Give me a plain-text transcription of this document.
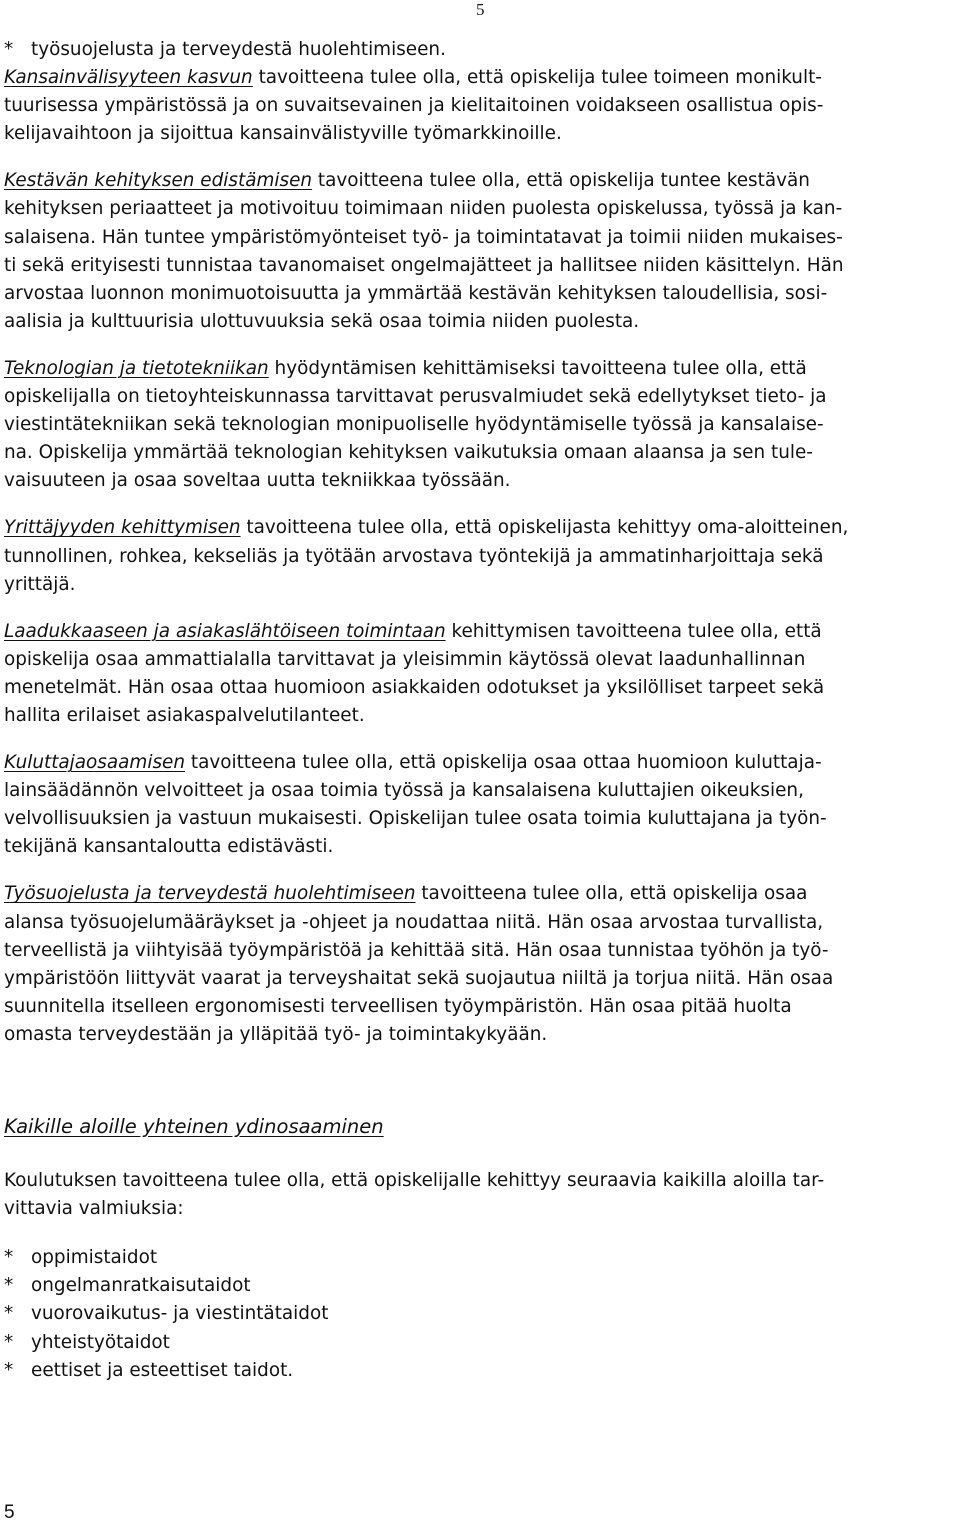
5
* työsuojelusta ja terveydestä huolehtimiseen.

Kansainvälisyyteen kasvun tavoitteena tulee olla, että opiskelija tulee toimeen monikult-
tuurisessa ympäristössä ja on suvaitsevainen ja kielitaitoinen voidakseen osallistua opis-
kelijavaihtoon ja sijoittua kansainvälistyville työmarkkinoille.

Kestävän kehityksen edistämisen tavoitteena tulee olla, että opiskelija tuntee kestävän
kehityksen periaatteet ja motivoituu toimimaan niiden puolesta opiskelussa, työssä ja kan-
salaisena. Hän tuntee ympäristömyönteiset työ- ja toimintatavat ja toimii niiden mukaises-
ti sekä erityisesti tunnistaa tavanomaiset ongelmajätteet ja hallitsee niiden käsittelyn. Hän
arvostaa luonnon monimuotoisuutta ja ymmärtää kestävän kehityksen taloudellisia, sosi-
aalisia ja kulttuurisia ulottuvuuksia sekä osaa toimia niiden puolesta.

Teknologian ja tietotekniikan hyödyntämisen kehittämiseksi tavoitteena tulee olla, että
opiskelijalla on tietoyhteiskunnassa tarvittavat perusvalmiudet sekä edellytykset tieto- ja
viestintätekniikan sekä teknologian monipuoliselle hyödyntämiselle työssä ja kansalaise-
na. Opiskelija ymmärtää teknologian kehityksen vaikutuksia omaan alaansa ja sen tule-
vaisuuteen ja osaa soveltaa uutta tekniikkaa työssään.

Yrittäjyyden kehittymisen tavoitteena tulee olla, että opiskelijasta kehittyy oma-aloitteinen,
tunnollinen, rohkea, kekseliäs ja työtään arvostava työntekijä ja ammatinharjoittaja sekä
yrittäjä.

Laadukkaaseen ja asiakaslähtöiseen toimintaan kehittymisen tavoitteena tulee olla, että
opiskelija osaa ammattialalla tarvittavat ja yleisimmin käytössä olevat laadunhallinnan
menetelmät. Hän osaa ottaa huomioon asiakkaiden odotukset ja yksilölliset tarpeet sekä
hallita erilaiset asiakaspalvelutilanteet.

Kuluttajaosaamisen tavoitteena tulee olla, että opiskelija osaa ottaa huomioon kuluttaja-
lainsäädännön velvoitteet ja osaa toimia työssä ja kansalaisena kuluttajien oikeuksien,
velvollisuuksien ja vastuun mukaisesti. Opiskelijan tulee osata toimia kuluttajana ja työn-
tekijänä kansantaloutta edistävästi.

Työsuojelusta ja terveydestä huolehtimiseen tavoitteena tulee olla, että opiskelija osaa
alansa työsuojelumääräykset ja -ohjeet ja noudattaa niitä. Hän osaa arvostaa turvallista,
terveellistä ja viihtyisää työympäristöä ja kehittää sitä. Hän osaa tunnistaa työhön ja työ-
ympäristöön liittyvät vaarat ja terveyshaitat sekä suojautua niiltä ja torjua niitä. Hän osaa
suunnitella itselleen ergonomisesti terveellisen työympäristön. Hän osaa pitää huolta
omasta terveydestään ja ylläpitää työ- ja toimintakykyään.

Kaikille aloille yhteinen ydinosaaminen

Koulutuksen tavoitteena tulee olla, että opiskelijalle kehittyy seuraavia kaikilla aloilla tar-
vittavia valmiuksia:

* oppimistaidot
* ongelmanratkaisutaidot
* vuorovaikutus- ja viestintätaidot
* yhteistyötaidot
* eettiset ja esteettiset taidot.
5
